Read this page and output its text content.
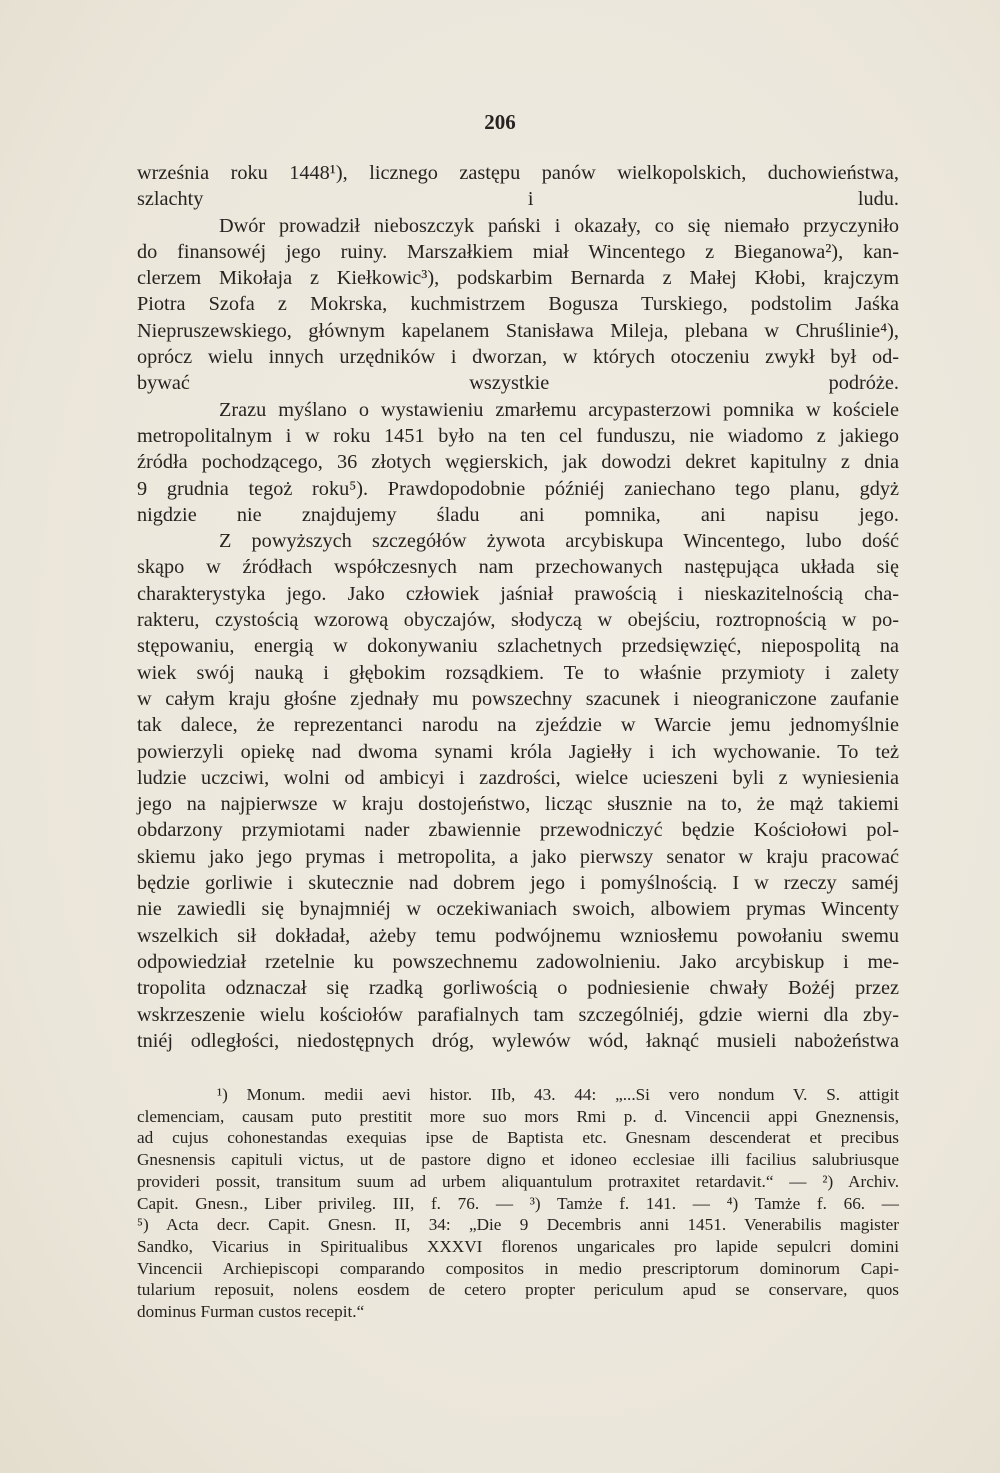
206

września roku 1448¹), licznego zastępu panów wielkopolskich, duchowieństwa,
szlachty i ludu.

Dwór prowadził nieboszczyk pański i okazały, co się niemało przyczyniło
do finansowéj jego ruiny. Marszałkiem miał Wincentego z Bieganowa²), kan-
clerzem Mikołaja z Kiełkowic³), podskarbim Bernarda z Małej Kłobi, krajczym
Piotra Szofa z Mokrska, kuchmistrzem Bogusza Turskiego, podstolim Jaśka
Niepruszewskiego, głównym kapelanem Stanisława Mileja, plebana w Chruślinie⁴),
oprócz wielu innych urzędników i dworzan, w których otoczeniu zwykł był od-
bywać wszystkie podróże.

Zrazu myślano o wystawieniu zmarłemu arcypasterzowi pomnika w kościele
metropolitalnym i w roku 1451 było na ten cel funduszu, nie wiadomo z jakiego
źródła pochodzącego, 36 złotych węgierskich, jak dowodzi dekret kapitulny z dnia
9 grudnia tegoż roku⁵). Prawdopodobnie późniéj zaniechano tego planu, gdyż
nigdzie nie znajdujemy śladu ani pomnika, ani napisu jego.

Z powyższych szczegółów żywota arcybiskupa Wincentego, lubo dość
skąpo w źródłach współczesnych nam przechowanych następująca układa się
charakterystyka jego. Jako człowiek jaśniał prawością i nieskazitelnością cha-
rakteru, czystością wzorową obyczajów, słodyczą w obejściu, roztropnością w po-
stępowaniu, energią w dokonywaniu szlachetnych przedsięwzięć, niepospolitą na
wiek swój nauką i głębokim rozsądkiem. Te to właśnie przymioty i zalety
w całym kraju głośne zjednały mu powszechny szacunek i nieograniczone zaufanie
tak dalece, że reprezentanci narodu na zjeździe w Warcie jemu jednomyślnie
powierzyli opiekę nad dwoma synami króla Jagiełły i ich wychowanie. To też
ludzie uczciwi, wolni od ambicyi i zazdrości, wielce ucieszeni byli z wyniesienia
jego na najpierwsze w kraju dostojeństwo, licząc słusznie na to, że mąż takiemi
obdarzony przymiotami nader zbawiennie przewodniczyć będzie Kościołowi pol-
skiemu jako jego prymas i metropolita, a jako pierwszy senator w kraju pracować
będzie gorliwie i skutecznie nad dobrem jego i pomyślnością. I w rzeczy saméj
nie zawiedli się bynajmniéj w oczekiwaniach swoich, albowiem prymas Wincenty
wszelkich sił dokładał, ażeby temu podwójnemu wzniosłemu powołaniu swemu
odpowiedział rzetelnie ku powszechnemu zadowolnieniu. Jako arcybiskup i me-
tropolita odznaczał się rzadką gorliwością o podniesienie chwały Bożéj przez
wskrzeszenie wielu kościołów parafialnych tam szczególniéj, gdzie wierni dla zby-
tniéj odległości, niedostępnych dróg, wylewów wód, łaknąć musieli nabożeństwa

¹) Monum. medii aevi histor. IIb, 43. 44: „...Si vero nondum V. S. attigit
clemenciam, causam puto prestitit more suo mors Rmi p. d. Vincencii appi Gneznensis,
ad cujus cohonestandas exequias ipse de Baptista etc. Gnesnam descenderat et precibus
Gnesnensis capituli victus, ut de pastore digno et idoneo ecclesiae illi facilius salubriusque
provideri possit, transitum suum ad urbem aliquantulum protraxitet retardavit.“ — ²) Archiv.
Capit. Gnesn., Liber privileg. III, f. 76. — ³) Tamże f. 141. — ⁴) Tamże f. 66. —
⁵) Acta decr. Capit. Gnesn. II, 34: „Die 9 Decembris anni 1451. Venerabilis magister
Sandko, Vicarius in Spiritualibus XXXVI florenos ungaricales pro lapide sepulcri domini
Vincencii Archiepiscopi comparando compositos in medio prescriptorum dominorum Capi-
tularium reposuit, nolens eosdem de cetero propter periculum apud se conservare, quos

dominus Furman custos recepit.“
